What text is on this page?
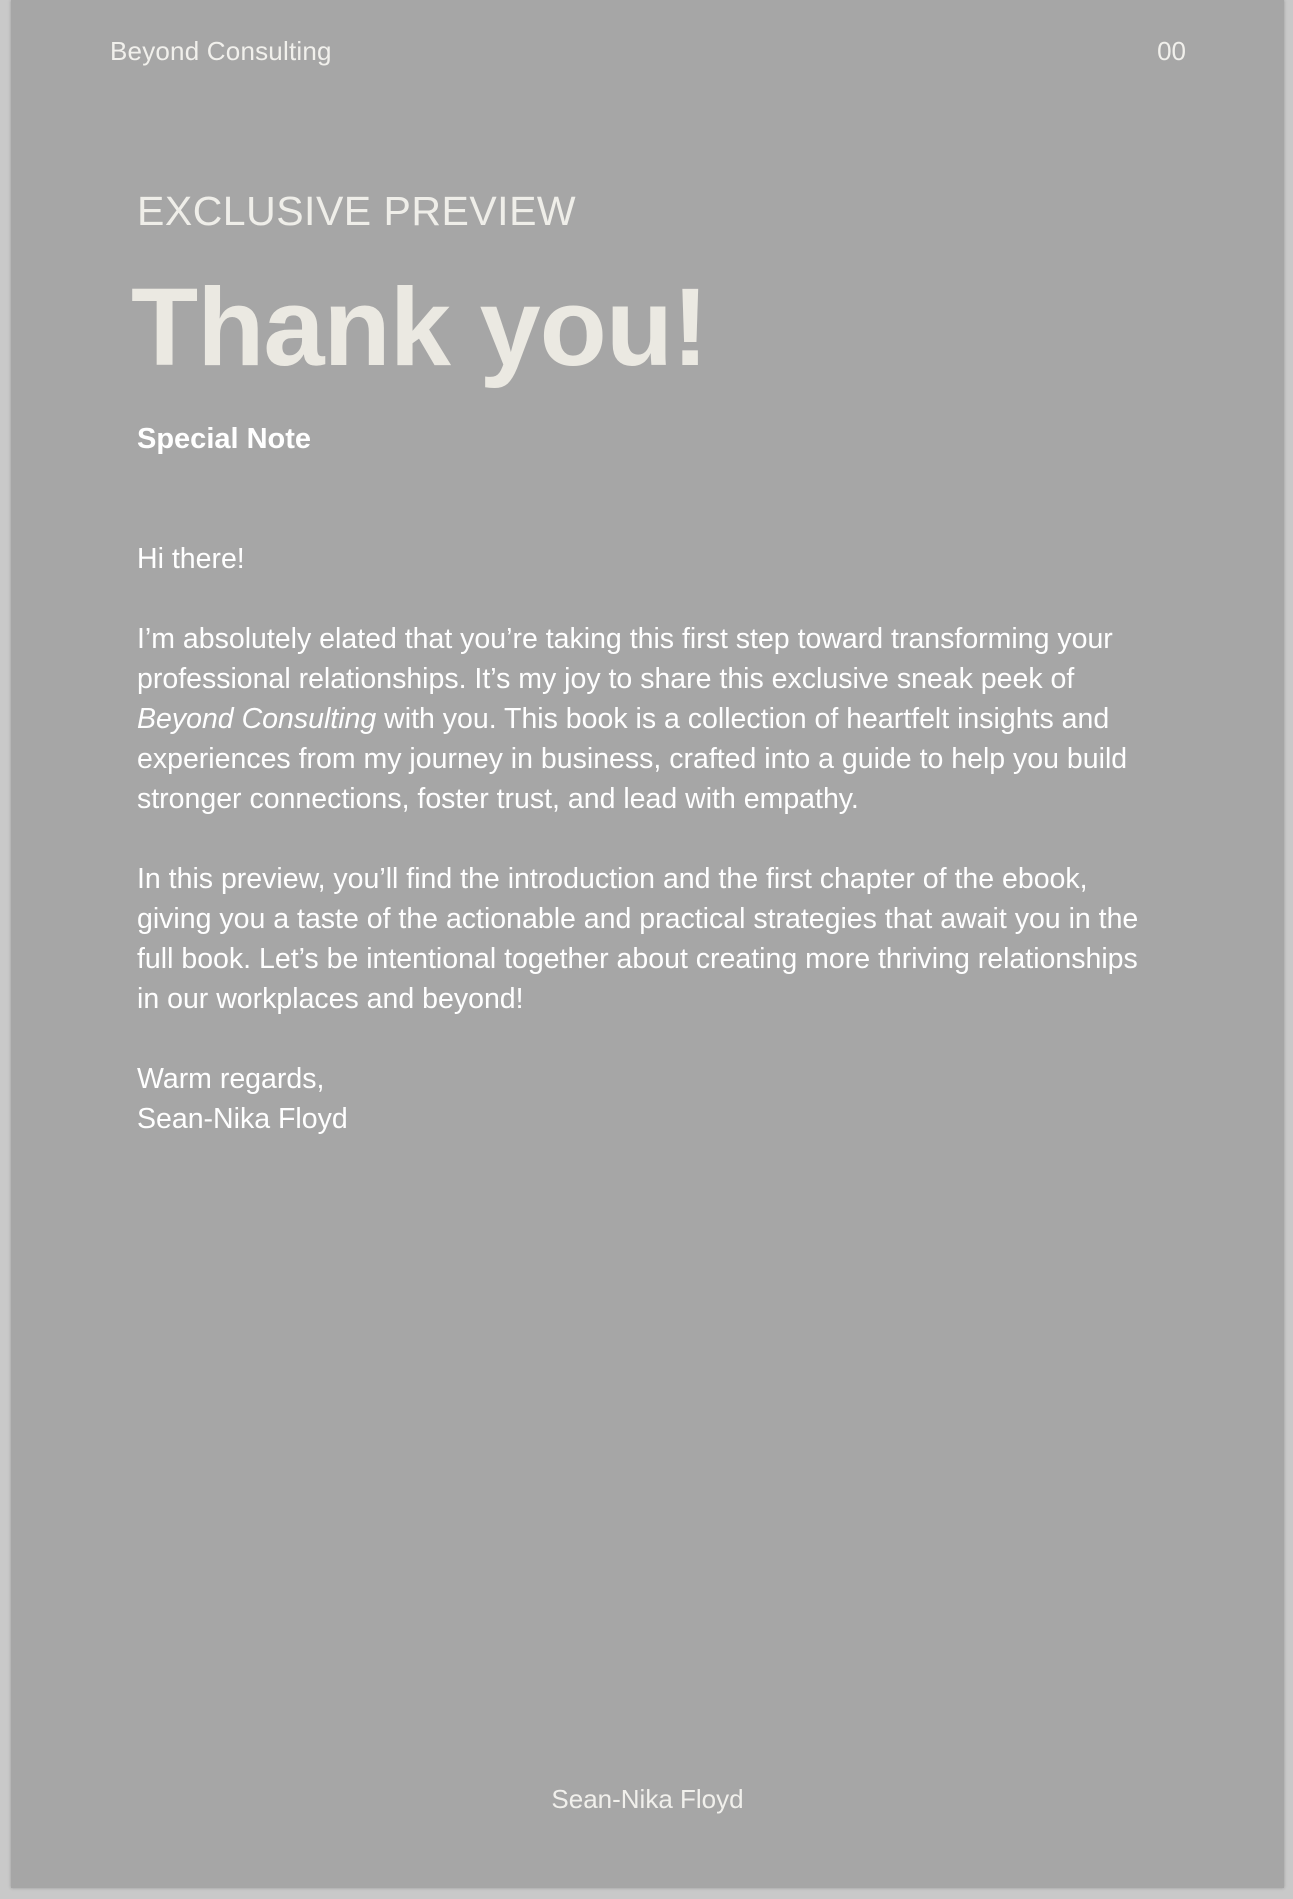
Beyond Consulting	00
EXCLUSIVE PREVIEW
Thank you!
Special Note

Hi there!

I’m absolutely elated that you’re taking this first step toward transforming your professional relationships. It’s my joy to share this exclusive sneak peek of Beyond Consulting with you. This book is a collection of heartfelt insights and experiences from my journey in business, crafted into a guide to help you build stronger connections, foster trust, and lead with empathy.

In this preview, you’ll find the introduction and the first chapter of the ebook, giving you a taste of the actionable and practical strategies that await you in the full book. Let’s be intentional together about creating more thriving relationships in our workplaces and beyond!

Warm regards,
Sean-Nika Floyd

Sean-Nika Floyd
